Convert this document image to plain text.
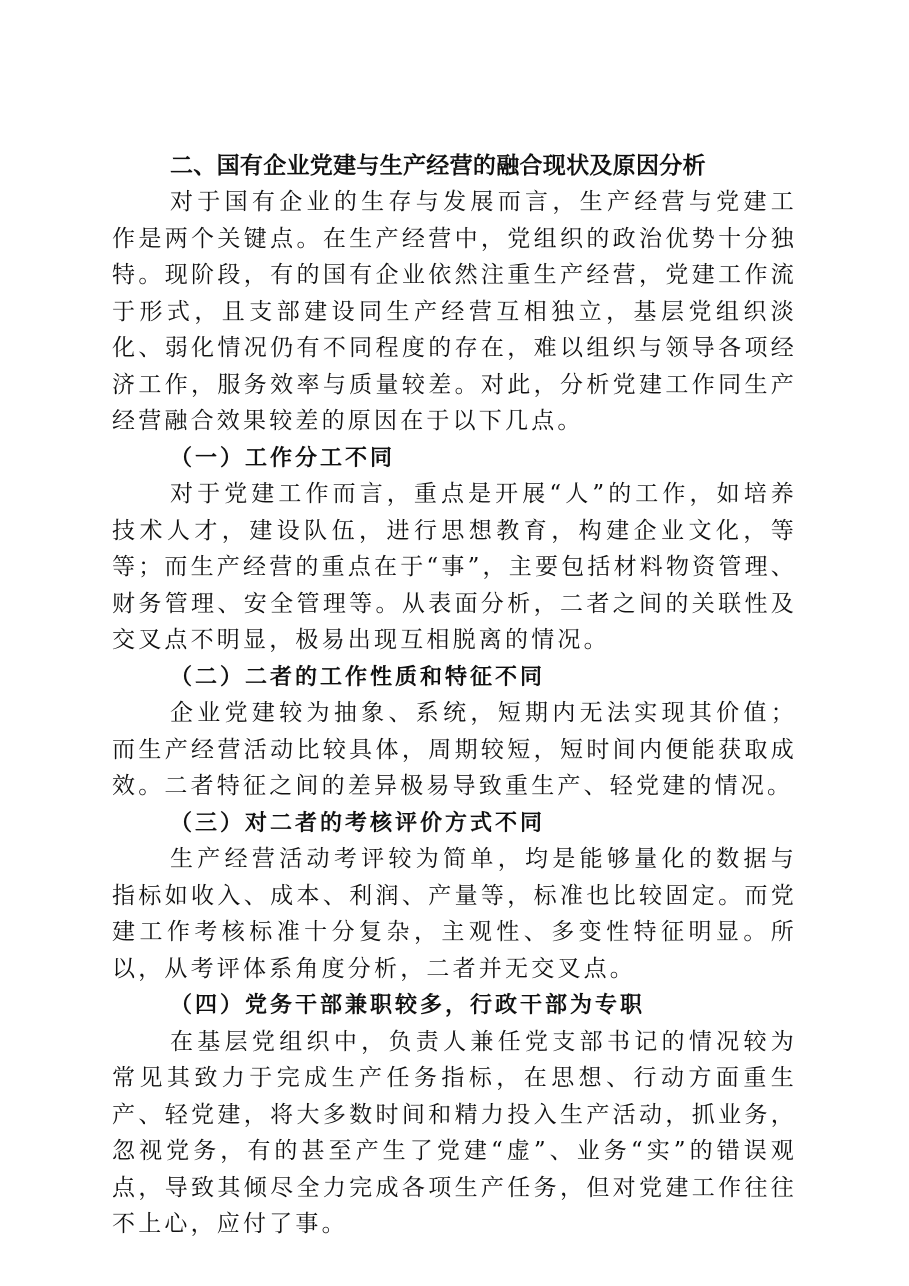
二、国有企业党建与生产经营的融合现状及原因分析

对于国有企业的生存与发展而言，生产经营与党建工作是两个关键点。在生产经营中，党组织的政治优势十分独特。现阶段，有的国有企业依然注重生产经营，党建工作流于形式，且支部建设同生产经营互相独立，基层党组织淡化、弱化情况仍有不同程度的存在，难以组织与领导各项经济工作，服务效率与质量较差。对此，分析党建工作同生产经营融合效果较差的原因在于以下几点。

（一）工作分工不同

对于党建工作而言，重点是开展“人”的工作，如培养技术人才，建设队伍，进行思想教育，构建企业文化，等等；而生产经营的重点在于“事”，主要包括材料物资管理、财务管理、安全管理等。从表面分析，二者之间的关联性及交叉点不明显，极易出现互相脱离的情况。

（二）二者的工作性质和特征不同

企业党建较为抽象、系统，短期内无法实现其价值；而生产经营活动比较具体，周期较短，短时间内便能获取成效。二者特征之间的差异极易导致重生产、轻党建的情况。

（三）对二者的考核评价方式不同

生产经营活动考评较为简单，均是能够量化的数据与指标如收入、成本、利润、产量等，标准也比较固定。而党建工作考核标准十分复杂，主观性、多变性特征明显。所以，从考评体系角度分析，二者并无交叉点。

（四）党务干部兼职较多，行政干部为专职

在基层党组织中，负责人兼任党支部书记的情况较为常见其致力于完成生产任务指标，在思想、行动方面重生产、轻党建，将大多数时间和精力投入生产活动，抓业务，忽视党务，有的甚至产生了党建“虚”、业务“实”的错误观点，导致其倾尽全力完成各项生产任务，但对党建工作往往不上心，应付了事。
